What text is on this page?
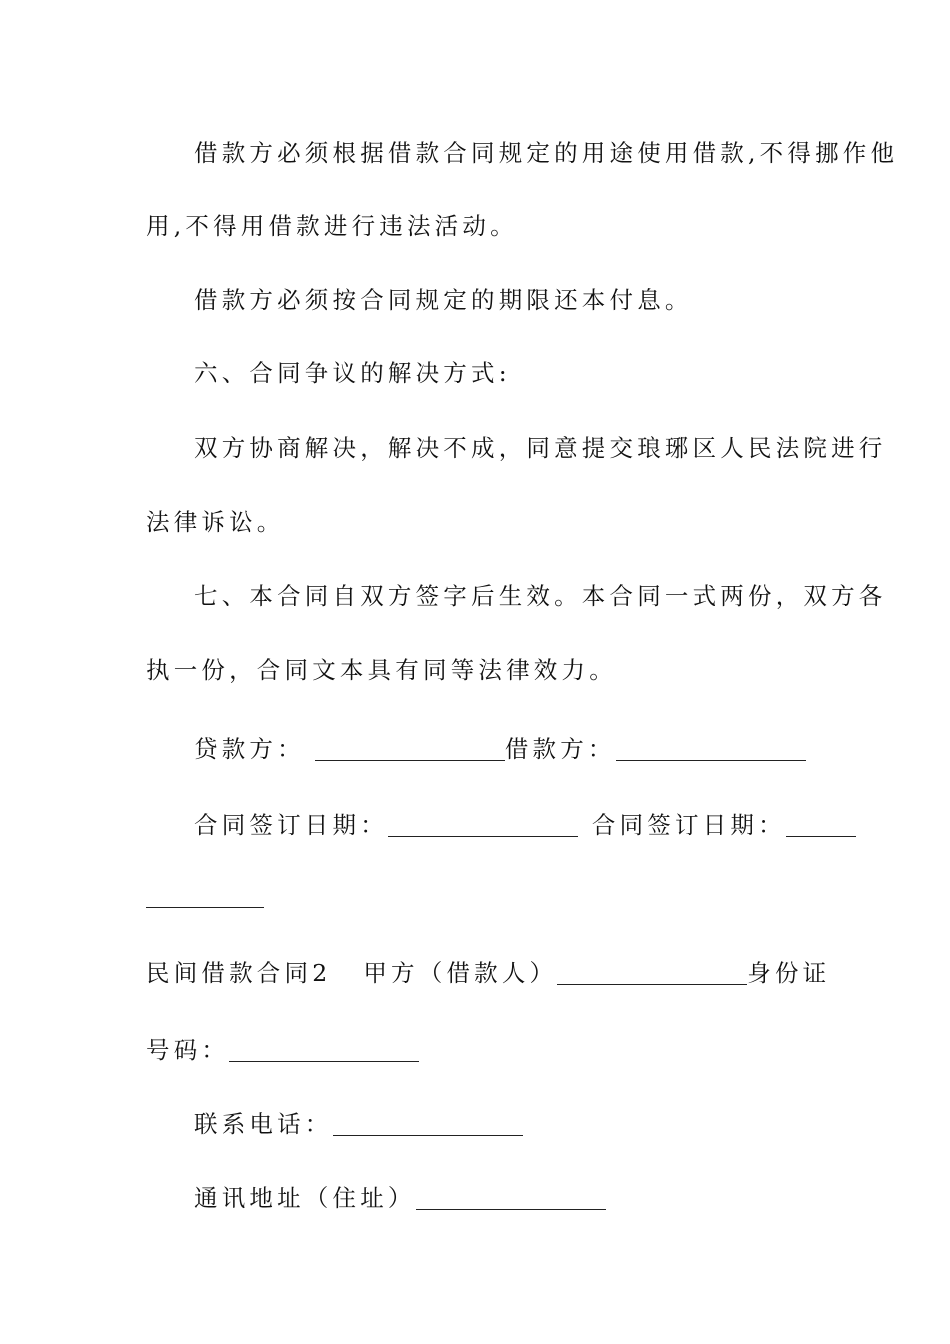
借款方必须根据借款合同规定的用途使用借款,不得挪作他
用,不得用借款进行违法活动。
借款方必须按合同规定的期限还本付息。
六、合同争议的解决方式:
双方协商解决，解决不成，同意提交琅琊区人民法院进行
法律诉讼。
七、本合同自双方签字后生效。本合同一式两份，双方各
执一份，合同文本具有同等法律效力。
贷款方：	借款方：
合同签订日期：	合同签订日期：
民间借款合同2 甲方（借款人）	身份证
号码：
联系电话：
通讯地址（住址）
